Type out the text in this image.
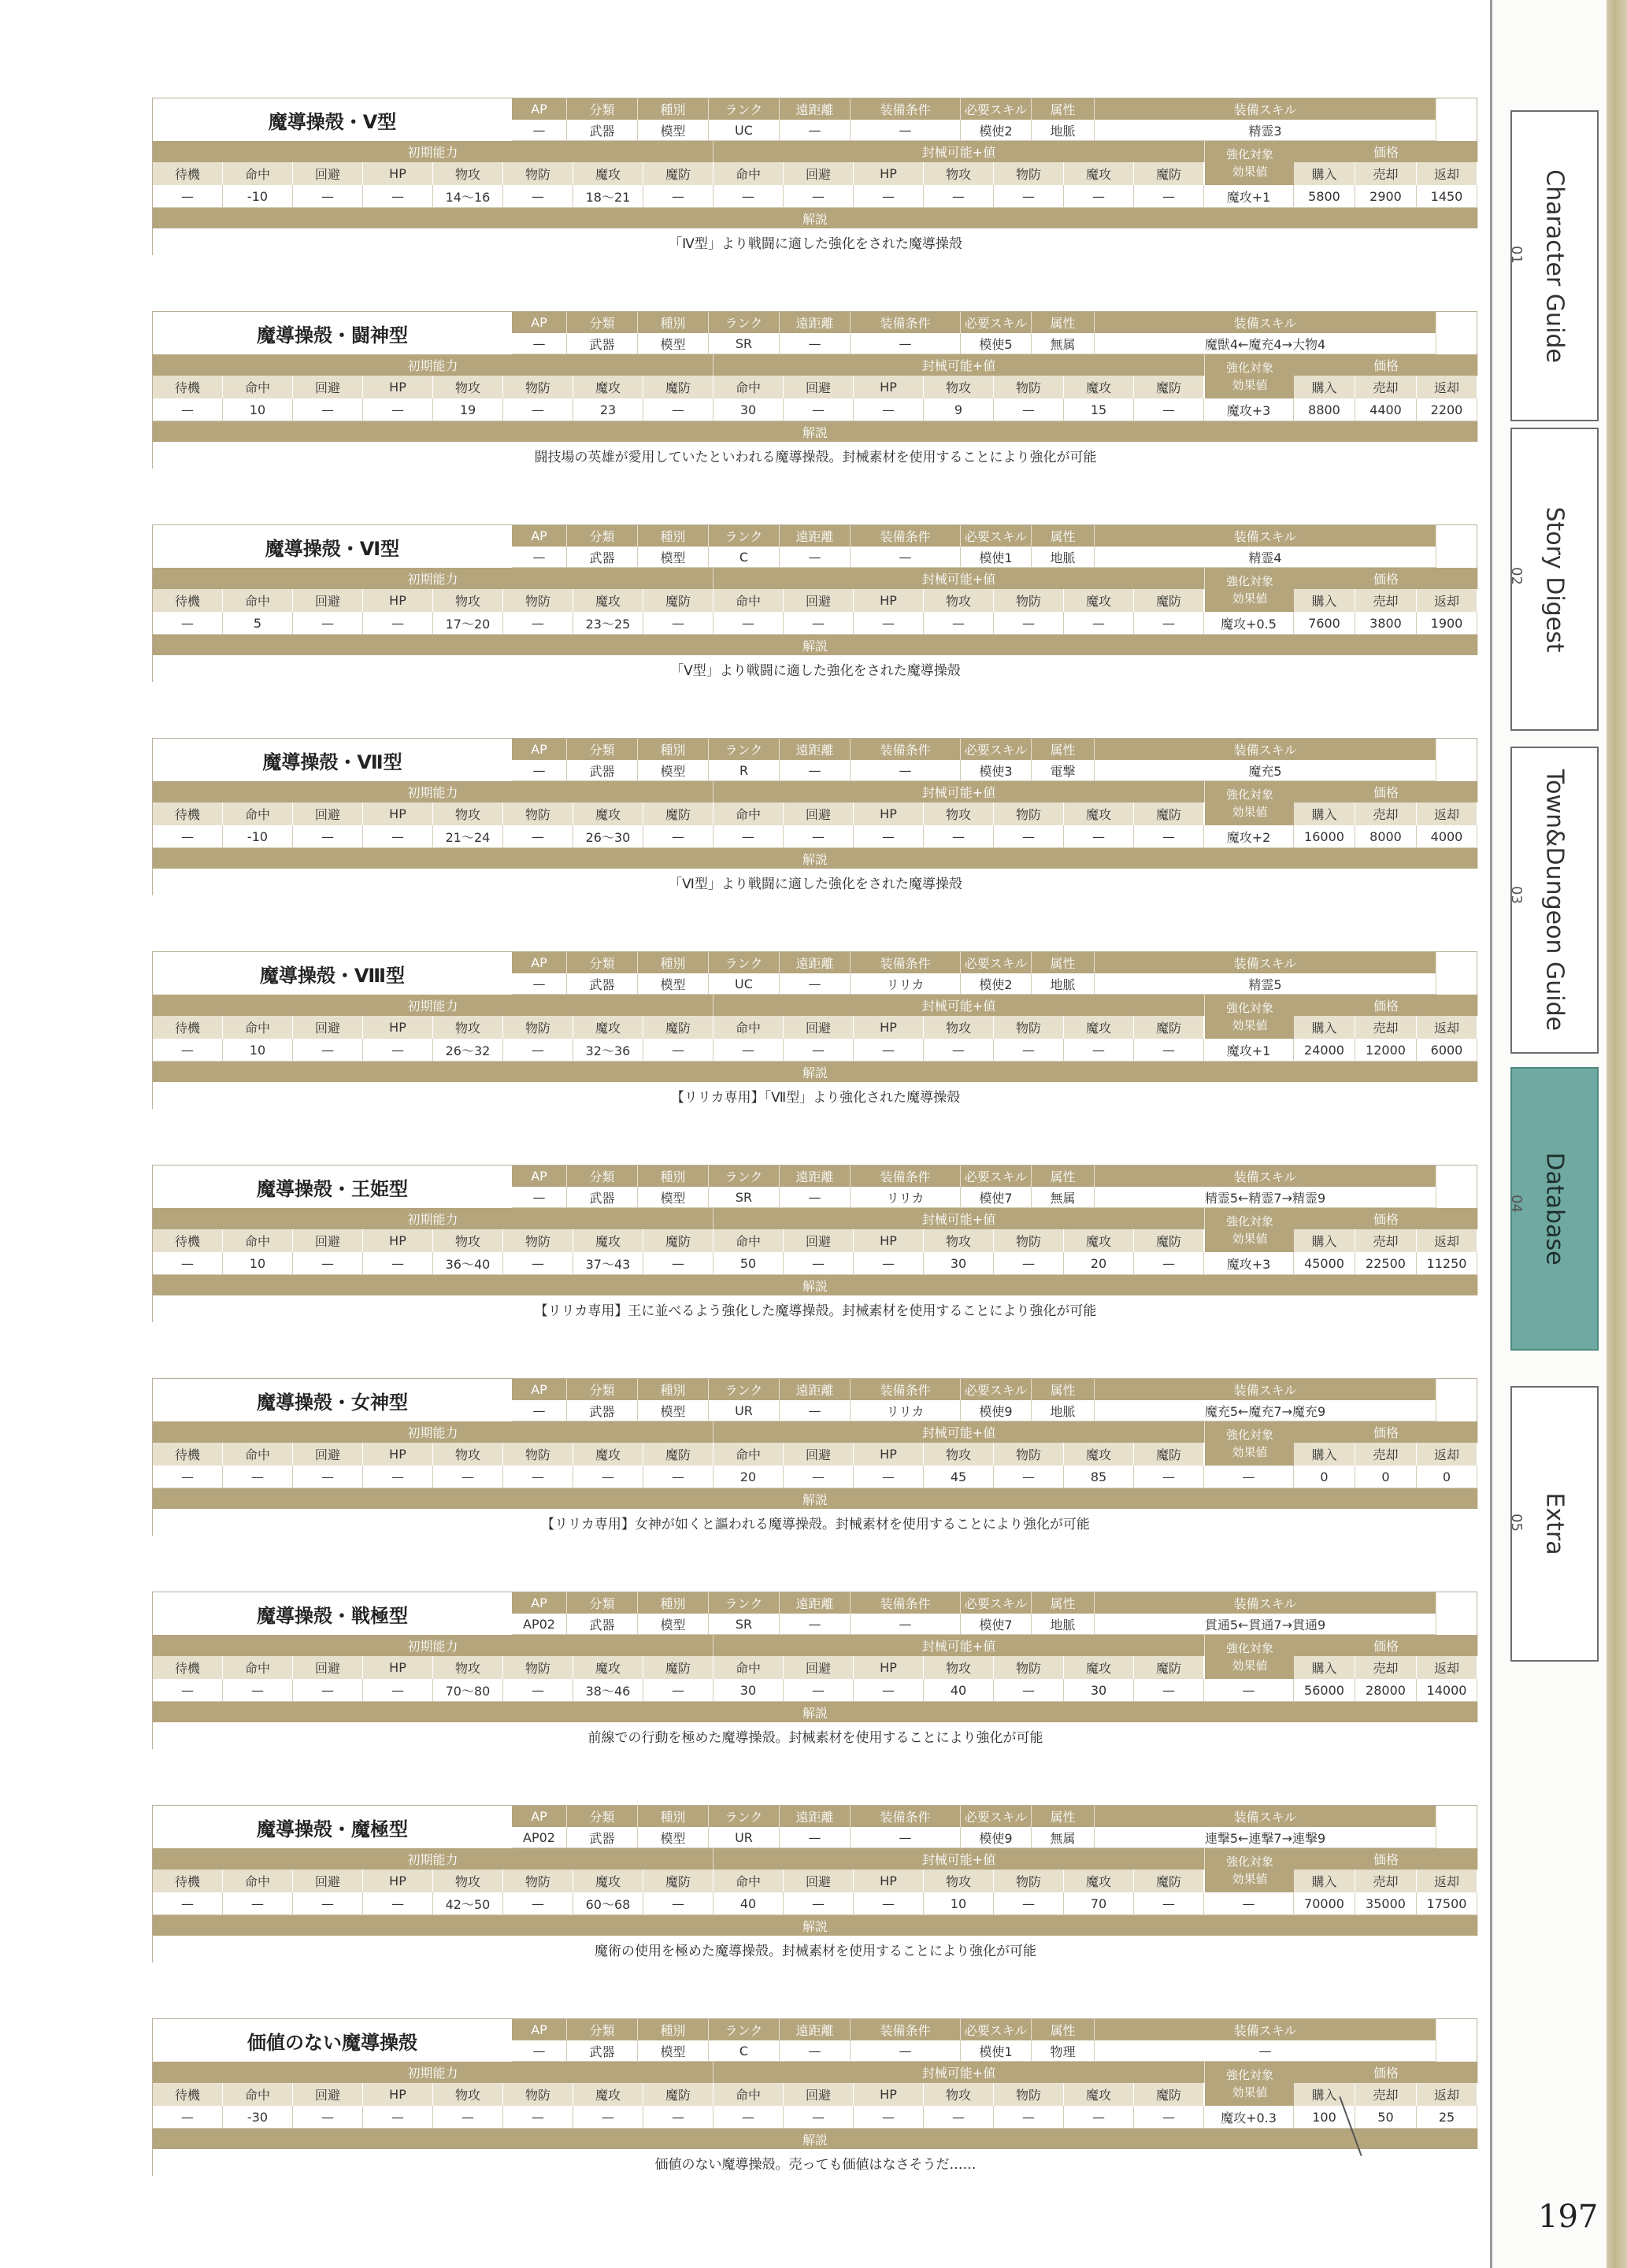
魔導操殻・Ⅴ型
AP	分類	種別	ランク	遠距離	装備条件	必要スキル	属性	装備スキル
—	武器	模型	UC	—	—	模使2	地脈	精霊3
初期能力	封械可能+値	強化対象
効果値
価格
待機	命中	回避	HP	物攻	物防	魔攻	魔防	命中	回避	HP	物攻	物防	魔攻	魔防	購入	売却	返却
—	-10	—	—	14～16	—	18～21	—	—	—	—	—	—	—	—	魔攻+1	5800	2900	1450
解説
「Ⅳ型」より戦闘に適した強化をされた魔導操殻
魔導操殻・闘神型
AP	分類	種別	ランク	遠距離	装備条件	必要スキル	属性	装備スキル
—	武器	模型	SR	—	—	模使5	無属	魔獣4←魔充4→大物4
初期能力	封械可能+値	強化対象
効果値
価格
待機	命中	回避	HP	物攻	物防	魔攻	魔防	命中	回避	HP	物攻	物防	魔攻	魔防	購入	売却	返却
—	10	—	—	19	—	23	—	30	—	—	9	—	15	—	魔攻+3	8800	4400	2200
解説
闘技場の英雄が愛用していたといわれる魔導操殻。封械素材を使用することにより強化が可能
魔導操殻・Ⅵ型
AP	分類	種別	ランク	遠距離	装備条件	必要スキル	属性	装備スキル
—	武器	模型	C	—	—	模使1	地脈	精霊4
初期能力	封械可能+値	強化対象
効果値
価格
待機	命中	回避	HP	物攻	物防	魔攻	魔防	命中	回避	HP	物攻	物防	魔攻	魔防	購入	売却	返却
—	5	—	—	17～20	—	23～25	—	—	—	—	—	—	—	—	魔攻+0.5	7600	3800	1900
解説
「Ⅴ型」より戦闘に適した強化をされた魔導操殻
魔導操殻・Ⅶ型
AP	分類	種別	ランク	遠距離	装備条件	必要スキル	属性	装備スキル
—	武器	模型	R	—	—	模使3	電撃	魔充5
初期能力	封械可能+値	強化対象
効果値
価格
待機	命中	回避	HP	物攻	物防	魔攻	魔防	命中	回避	HP	物攻	物防	魔攻	魔防	購入	売却	返却
—	-10	—	—	21～24	—	26～30	—	—	—	—	—	—	—	—	魔攻+2	16000	8000	4000
解説
「Ⅵ型」より戦闘に適した強化をされた魔導操殻
魔導操殻・Ⅷ型
AP	分類	種別	ランク	遠距離	装備条件	必要スキル	属性	装備スキル
—	武器	模型	UC	—	リリカ	模使2	地脈	精霊5
初期能力	封械可能+値	強化対象
効果値
価格
待機	命中	回避	HP	物攻	物防	魔攻	魔防	命中	回避	HP	物攻	物防	魔攻	魔防	購入	売却	返却
—	10	—	—	26～32	—	32～36	—	—	—	—	—	—	—	—	魔攻+1	24000	12000	6000
解説
【リリカ専用】「Ⅶ型」より強化された魔導操殻
魔導操殻・王姫型
AP	分類	種別	ランク	遠距離	装備条件	必要スキル	属性	装備スキル
—	武器	模型	SR	—	リリカ	模使7	無属	精霊5←精霊7→精霊9
初期能力	封械可能+値	強化対象
効果値
価格
待機	命中	回避	HP	物攻	物防	魔攻	魔防	命中	回避	HP	物攻	物防	魔攻	魔防	購入	売却	返却
—	10	—	—	36～40	—	37～43	—	50	—	—	30	—	20	—	魔攻+3	45000	22500	11250
解説
【リリカ専用】王に並べるよう強化した魔導操殻。封械素材を使用することにより強化が可能
魔導操殻・女神型
AP	分類	種別	ランク	遠距離	装備条件	必要スキル	属性	装備スキル
—	武器	模型	UR	—	リリカ	模使9	地脈	魔充5←魔充7→魔充9
初期能力	封械可能+値	強化対象
効果値
価格
待機	命中	回避	HP	物攻	物防	魔攻	魔防	命中	回避	HP	物攻	物防	魔攻	魔防	購入	売却	返却
—	—	—	—	—	—	—	—	20	—	—	45	—	85	—	—	0	0	0
解説
【リリカ専用】女神が如くと謳われる魔導操殻。封械素材を使用することにより強化が可能
魔導操殻・戦極型
AP	分類	種別	ランク	遠距離	装備条件	必要スキル	属性	装備スキル
AP02	武器	模型	SR	—	—	模使7	地脈	貫通5←貫通7→貫通9
初期能力	封械可能+値	強化対象
効果値
価格
待機	命中	回避	HP	物攻	物防	魔攻	魔防	命中	回避	HP	物攻	物防	魔攻	魔防	購入	売却	返却
—	—	—	—	70～80	—	38～46	—	30	—	—	40	—	30	—	—	56000	28000	14000
解説
前線での行動を極めた魔導操殻。封械素材を使用することにより強化が可能
魔導操殻・魔極型
AP	分類	種別	ランク	遠距離	装備条件	必要スキル	属性	装備スキル
AP02	武器	模型	UR	—	—	模使9	無属	連撃5←連撃7→連撃9
初期能力	封械可能+値	強化対象
効果値
価格
待機	命中	回避	HP	物攻	物防	魔攻	魔防	命中	回避	HP	物攻	物防	魔攻	魔防	購入	売却	返却
—	—	—	—	42～50	—	60～68	—	40	—	—	10	—	70	—	—	70000	35000	17500
解説
魔術の使用を極めた魔導操殻。封械素材を使用することにより強化が可能
価値のない魔導操殻
AP	分類	種別	ランク	遠距離	装備条件	必要スキル	属性	装備スキル
—	武器	模型	C	—	—	模使1	物理	—
初期能力	封械可能+値	強化対象
効果値
価格
待機	命中	回避	HP	物攻	物防	魔攻	魔防	命中	回避	HP	物攻	物防	魔攻	魔防	購入	売却	返却
—	-30	—	—	—	—	—	—	—	—	—	—	—	—	—	魔攻+0.3	100	50	25
解説
価値のない魔導操殻。売っても価値はなさそうだ……
01 Character Guide
02 Story Digest
03 Town&Dungeon Guide
04 Database
05 Extra
197
